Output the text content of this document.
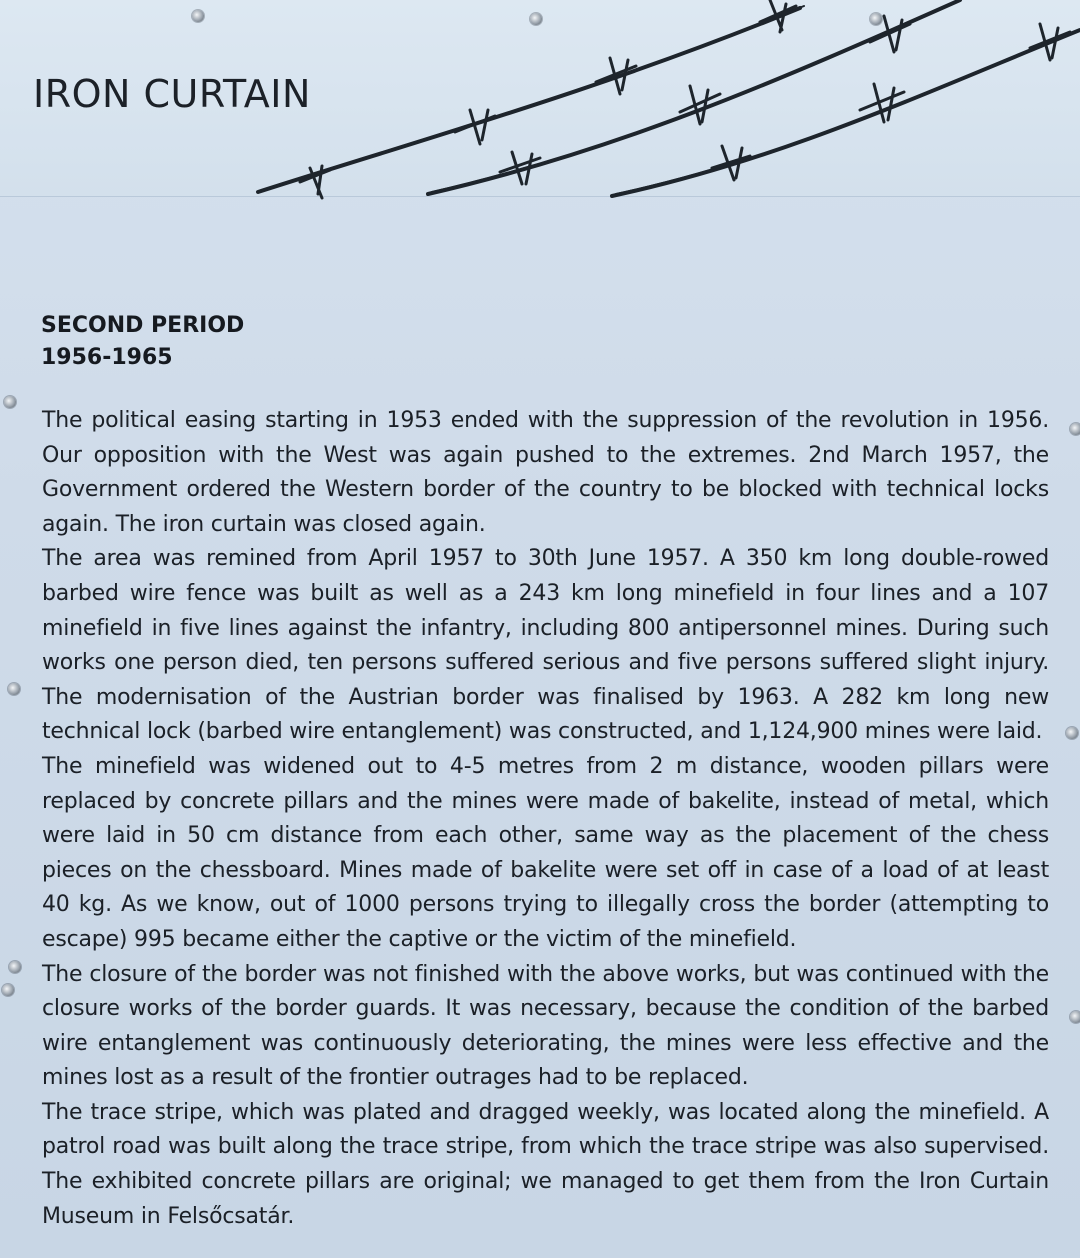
IRON CURTAIN
SECOND PERIOD
1956-1965

The political easing starting in 1953 ended with the suppression of the revolution in 1956. Our opposition with the West was again pushed to the extremes. 2nd March 1957, the Government ordered the Western border of the country to be blocked with technical locks again. The iron curtain was closed again.

The area was remined from April 1957 to 30th June 1957. A 350 km long double-rowed barbed wire fence was built as well as a 243 km long minefield in four lines and a 107 minefield in five lines against the infantry, including 800 antipersonnel mines. During such works one person died, ten persons suffered serious and five persons suffered slight injury. The modernisation of the Austrian border was finalised by 1963. A 282 km long new technical lock (barbed wire entanglement) was constructed, and 1,124,900 mines were laid.

The minefield was widened out to 4-5 metres from 2 m distance, wooden pillars were replaced by concrete pillars and the mines were made of bakelite, instead of metal, which were laid in 50 cm distance from each other, same way as the placement of the chess pieces on the chessboard. Mines made of bakelite were set off in case of a load of at least 40 kg. As we know, out of 1000 persons trying to illegally cross the border (attempting to escape) 995 became either the captive or the victim of the minefield.

The closure of the border was not finished with the above works, but was continued with the closure works of the border guards. It was necessary, because the condition of the barbed wire entanglement was continuously deteriorating, the mines were less effective and the mines lost as a result of the frontier outrages had to be replaced.

The trace stripe, which was plated and dragged weekly, was located along the minefield. A patrol road was built along the trace stripe, from which the trace stripe was also supervised. The exhibited concrete pillars are original; we managed to get them from the Iron Curtain Museum in Felsőcsatár.
